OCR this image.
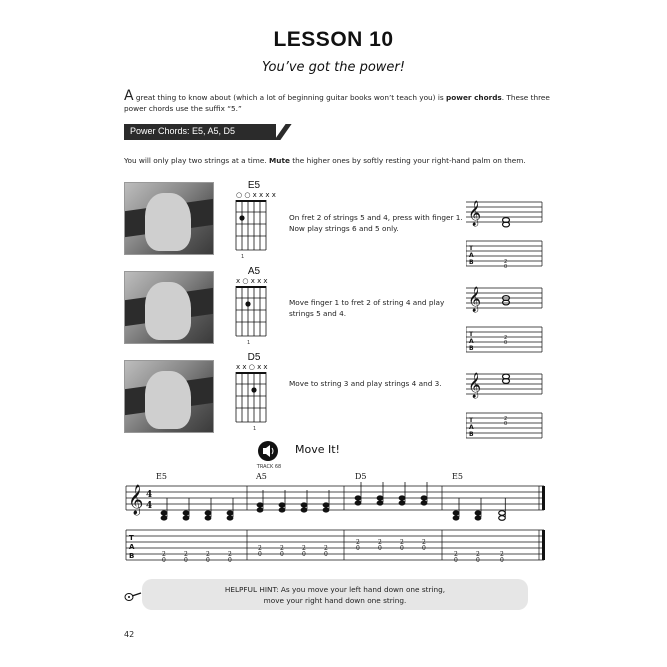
LESSON 10
You’ve got the power!
A great thing to know about (which a lot of beginning guitar books won’t teach you) is power chords. These three power chords use the suffix “5.”
Power Chords: E5, A5, D5
You will only play two strings at a time. Mute the higher ones by softly resting your right-hand palm on them.
E5
○ ○ x x x x
1
On fret 2 of strings 5 and 4, press with finger 1. Now play strings 6 and 5 only.
A5
x ○ x x x
1
Move finger 1 to fret 2 of string 4 and play strings 5 and 4.
D5
x x ○ x x
1
Move to string 3 and play strings 4 and 3.
𝄞
T
A
B	2
0
𝄞
T
A
B
2
0
𝄞
T
A
B
2
0
TRACK 68
Move It!
E5	A5	D5	E5
𝄞 4
4
T
A
B	2
0
2
0
2
0
2
0
2
0
2
0
2
0
2
0
2
0
2
0
2
0
2
0
2
0
2
0
2
0
HELPFUL HINT: As you move your left hand down one string,
move your right hand down one string.
42
